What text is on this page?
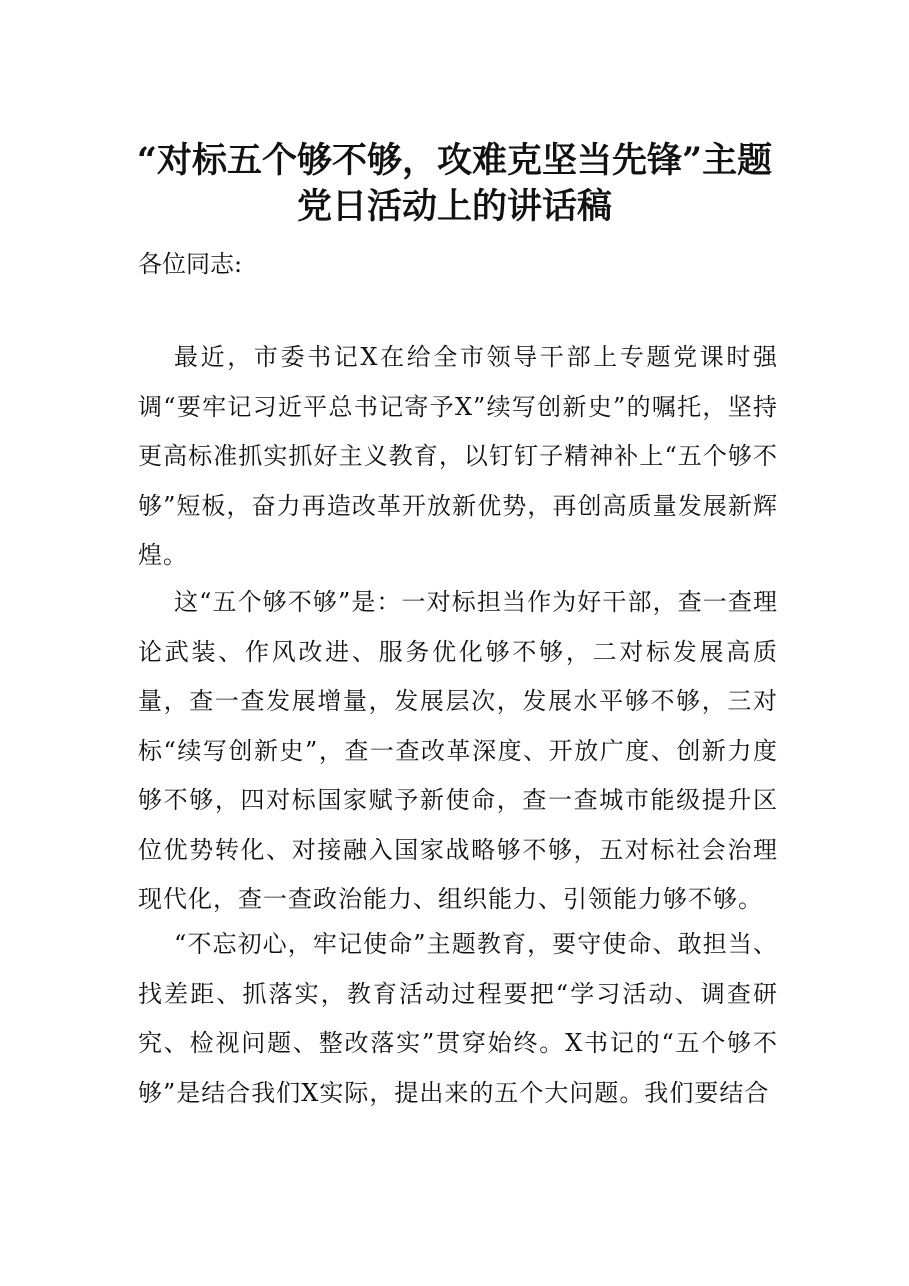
“对标五个够不够，攻难克坚当先锋”主题党日活动上的讲话稿

各位同志:

最近，市委书记X在给全市领导干部上专题党课时强调“要牢记习近平总书记寄予X”续写创新史”的嘱托，坚持更高标准抓实抓好主义教育，以钉钉子精神补上“五个够不够”短板，奋力再造改革开放新优势，再创高质量发展新辉煌。

这“五个够不够”是：一对标担当作为好干部，查一查理论武装、作风改进、服务优化够不够，二对标发展高质量，查一查发展增量，发展层次，发展水平够不够，三对标“续写创新史”，查一查改革深度、开放广度、创新力度够不够，四对标国家赋予新使命，查一查城市能级提升区位优势转化、对接融入国家战略够不够，五对标社会治理现代化，查一查政治能力、组织能力、引领能力够不够。

“不忘初心，牢记使命”主题教育，要守使命、敢担当、找差距、抓落实，教育活动过程要把“学习活动、调查研究、检视问题、整改落实”贯穿始终。X书记的“五个够不够”是结合我们X实际，提出来的五个大问题。我们要结合
